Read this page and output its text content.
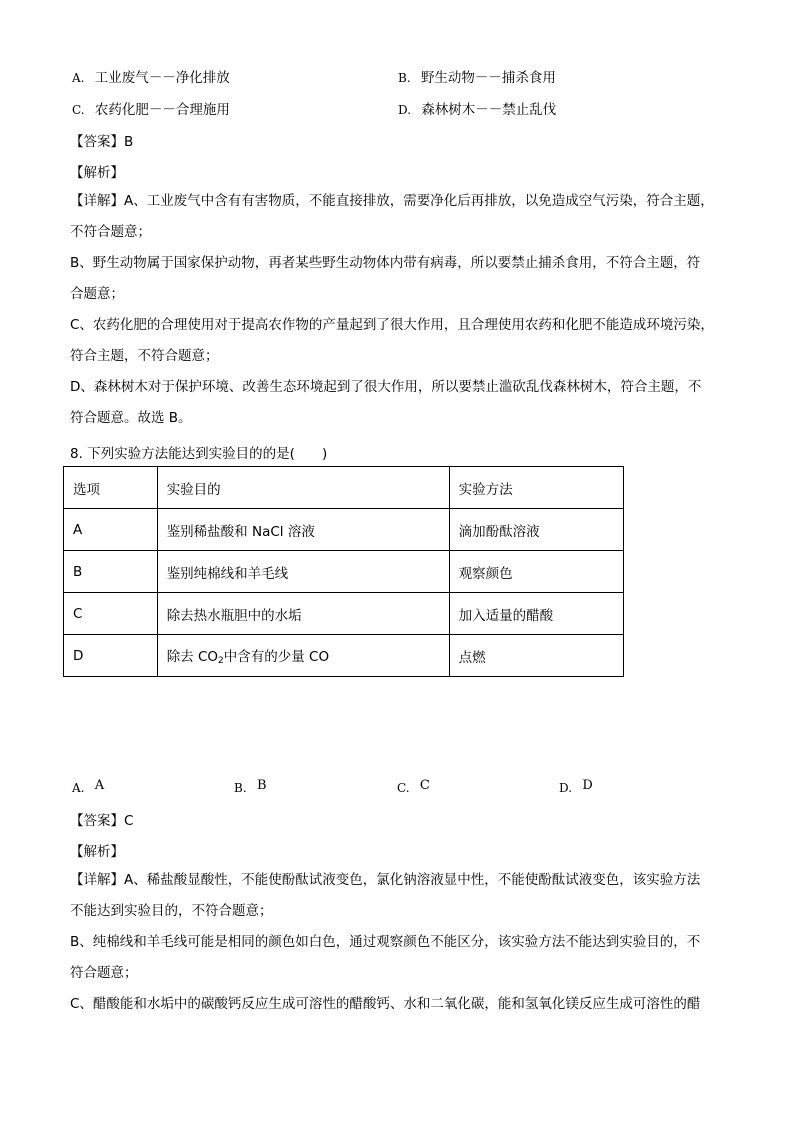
A. 工业废气－－净化排放	B. 野生动物－－捕杀食用
C. 农药化肥－－合理施用	D. 森林树木－－禁止乱伐
【答案】B
【解析】

【详解】A、工业废气中含有有害物质，不能直接排放，需要净化后再排放，以免造成空气污染，符合主题，

不符合题意；

B、野生动物属于国家保护动物，再者某些野生动物体内带有病毒，所以要禁止捕杀食用，不符合主题，符

合题意；

C、农药化肥的合理使用对于提高农作物的产量起到了很大作用，且合理使用农药和化肥不能造成环境污染，

符合主题，不符合题意；

D、森林树木对于保护环境、改善生态环境起到了很大作用，所以要禁止滥砍乱伐森林树木，符合主题，不

符合题意。故选 B。

8. 下列实验方法能达到实验目的的是(　　)
选项	实验目的	实验方法
A	鉴别稀盐酸和 NaCl 溶液	滴加酚酞溶液
B	鉴别纯棉线和羊毛线	观察颜色
C	除去热水瓶胆中的水垢	加入适量的醋酸
D	除去 $CO_2$中含有的少量 CO	点燃
A. A	B. B	C. C	D. D
【答案】C
【解析】

【详解】A、稀盐酸显酸性，不能使酚酞试液变色，氯化钠溶液显中性，不能使酚酞试液变色，该实验方法

不能达到实验目的，不符合题意；

B、纯棉线和羊毛线可能是相同的颜色如白色，通过观察颜色不能区分，该实验方法不能达到实验目的，不

符合题意；

C、醋酸能和水垢中的碳酸钙反应生成可溶性的醋酸钙、水和二氧化碳，能和氢氧化镁反应生成可溶性的醋
